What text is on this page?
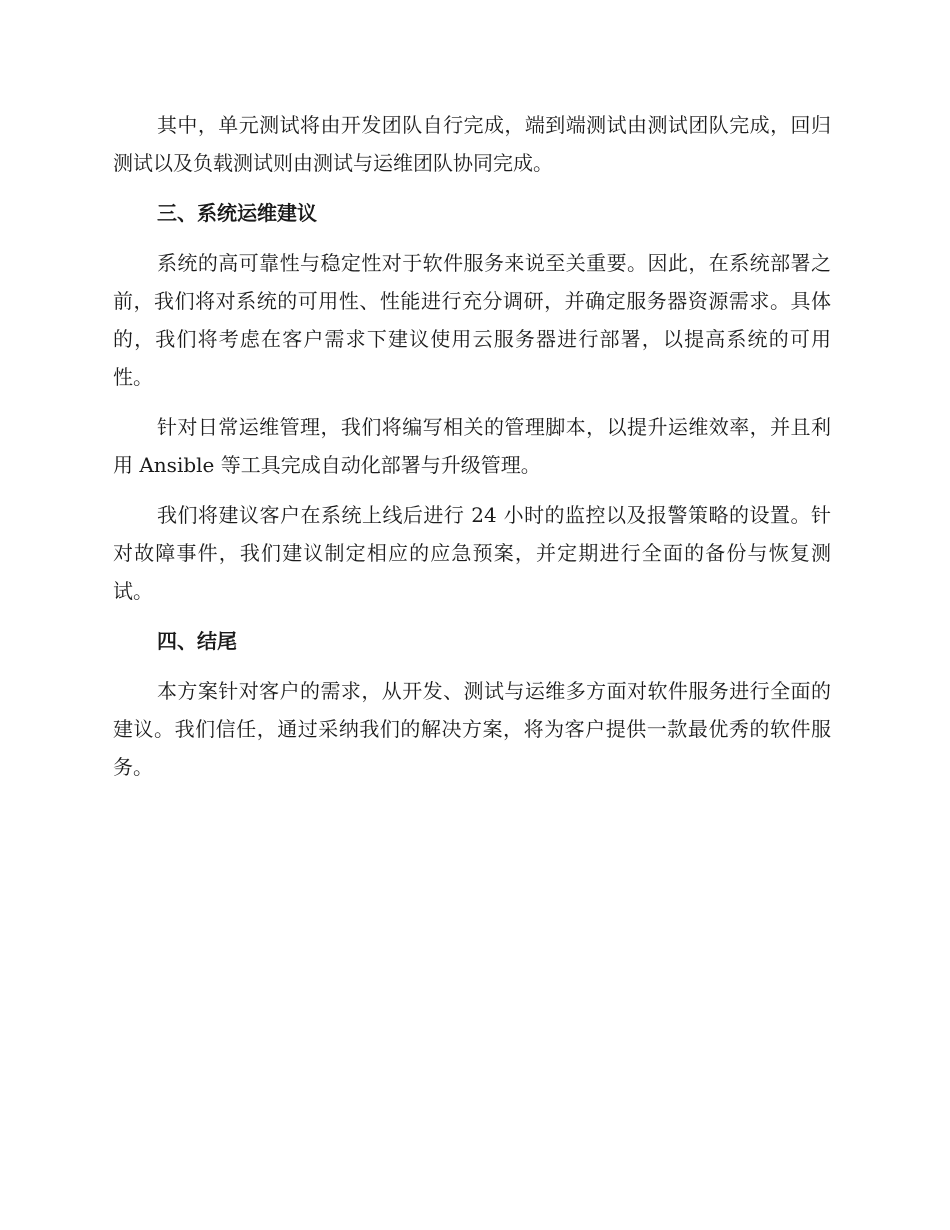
其中，单元测试将由开发团队自行完成，端到端测试由测试团队完成，回归测试以及负载测试则由测试与运维团队协同完成。

三、系统运维建议

系统的高可靠性与稳定性对于软件服务来说至关重要。因此，在系统部署之前，我们将对系统的可用性、性能进行充分调研，并确定服务器资源需求。具体的，我们将考虑在客户需求下建议使用云服务器进行部署，以提高系统的可用性。

针对日常运维管理，我们将编写相关的管理脚本，以提升运维效率，并且利用 Ansible 等工具完成自动化部署与升级管理。

我们将建议客户在系统上线后进行 24 小时的监控以及报警策略的设置。针对故障事件，我们建议制定相应的应急预案，并定期进行全面的备份与恢复测试。

四、结尾

本方案针对客户的需求，从开发、测试与运维多方面对软件服务进行全面的建议。我们信任，通过采纳我们的解决方案，将为客户提供一款最优秀的软件服务。
